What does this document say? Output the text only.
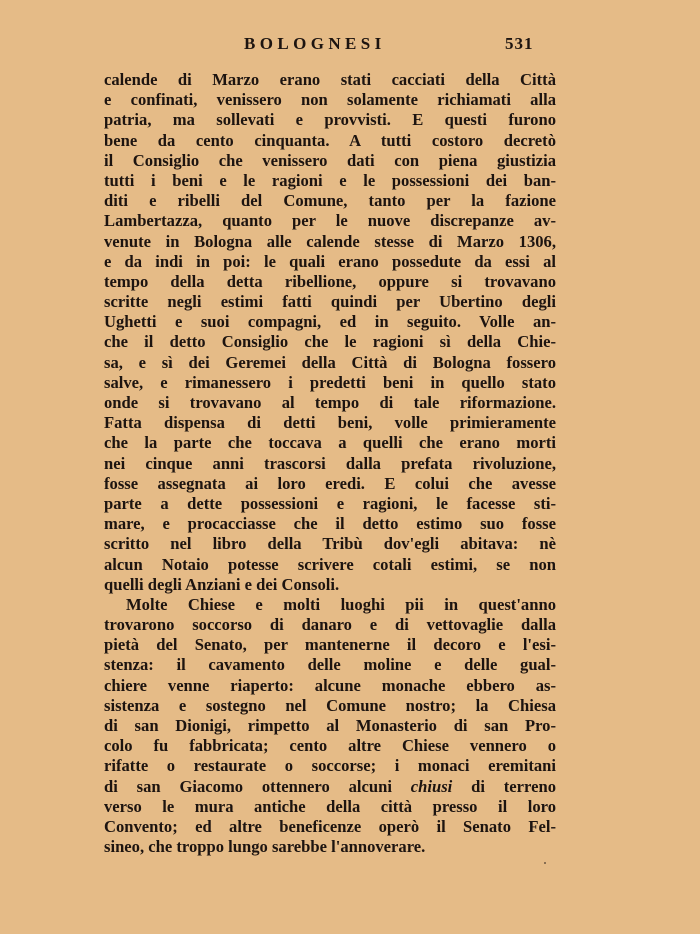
BOLOGNESI	531
calende di Marzo erano stati cacciati della Città
e confinati, venissero non solamente richiamati alla
patria, ma sollevati e provvisti. E questi furono
bene da cento cinquanta. A tutti costoro decretò
il Consiglio che venissero dati con piena giustizia
tutti i beni e le ragioni e le possessioni dei ban-
diti e ribelli del Comune, tanto per la fazione
Lambertazza, quanto per le nuove discrepanze av-
venute in Bologna alle calende stesse di Marzo 1306,
e da indi in poi: le quali erano possedute da essi al
tempo della detta ribellione, oppure si trovavano
scritte negli estimi fatti quindi per Ubertino degli
Ughetti e suoi compagni, ed in seguito. Volle an-
che il detto Consiglio che le ragioni sì della Chie-
sa, e sì dei Geremei della Città di Bologna fossero
salve, e rimanessero i predetti beni in quello stato
onde si trovavano al tempo di tale riformazione.
Fatta dispensa di detti beni, volle primieramente
che la parte che toccava a quelli che erano morti
nei cinque anni trascorsi dalla prefata rivoluzione,
fosse assegnata ai loro eredi. E colui che avesse
parte a dette possessioni e ragioni, le facesse sti-
mare, e procacciasse che il detto estimo suo fosse
scritto nel libro della Tribù dov'egli abitava: nè
alcun Notaio potesse scrivere cotali estimi, se non
quelli degli Anziani e dei Consoli.
Molte Chiese e molti luoghi pii in quest'anno
trovarono soccorso di danaro e di vettovaglie dalla
pietà del Senato, per mantenerne il decoro e l'esi-
stenza: il cavamento delle moline e delle gual-
chiere venne riaperto: alcune monache ebbero as-
sistenza e sostegno nel Comune nostro; la Chiesa
di san Dionigi, rimpetto al Monasterio di san Pro-
colo fu fabbricata; cento altre Chiese vennero o
rifatte o restaurate o soccorse; i monaci eremitani
di san Giacomo ottennero alcuni chiusi di terreno
verso le mura antiche della città presso il loro
Convento; ed altre beneficenze operò il Senato Fel-
sineo, che troppo lungo sarebbe l'annoverare.
